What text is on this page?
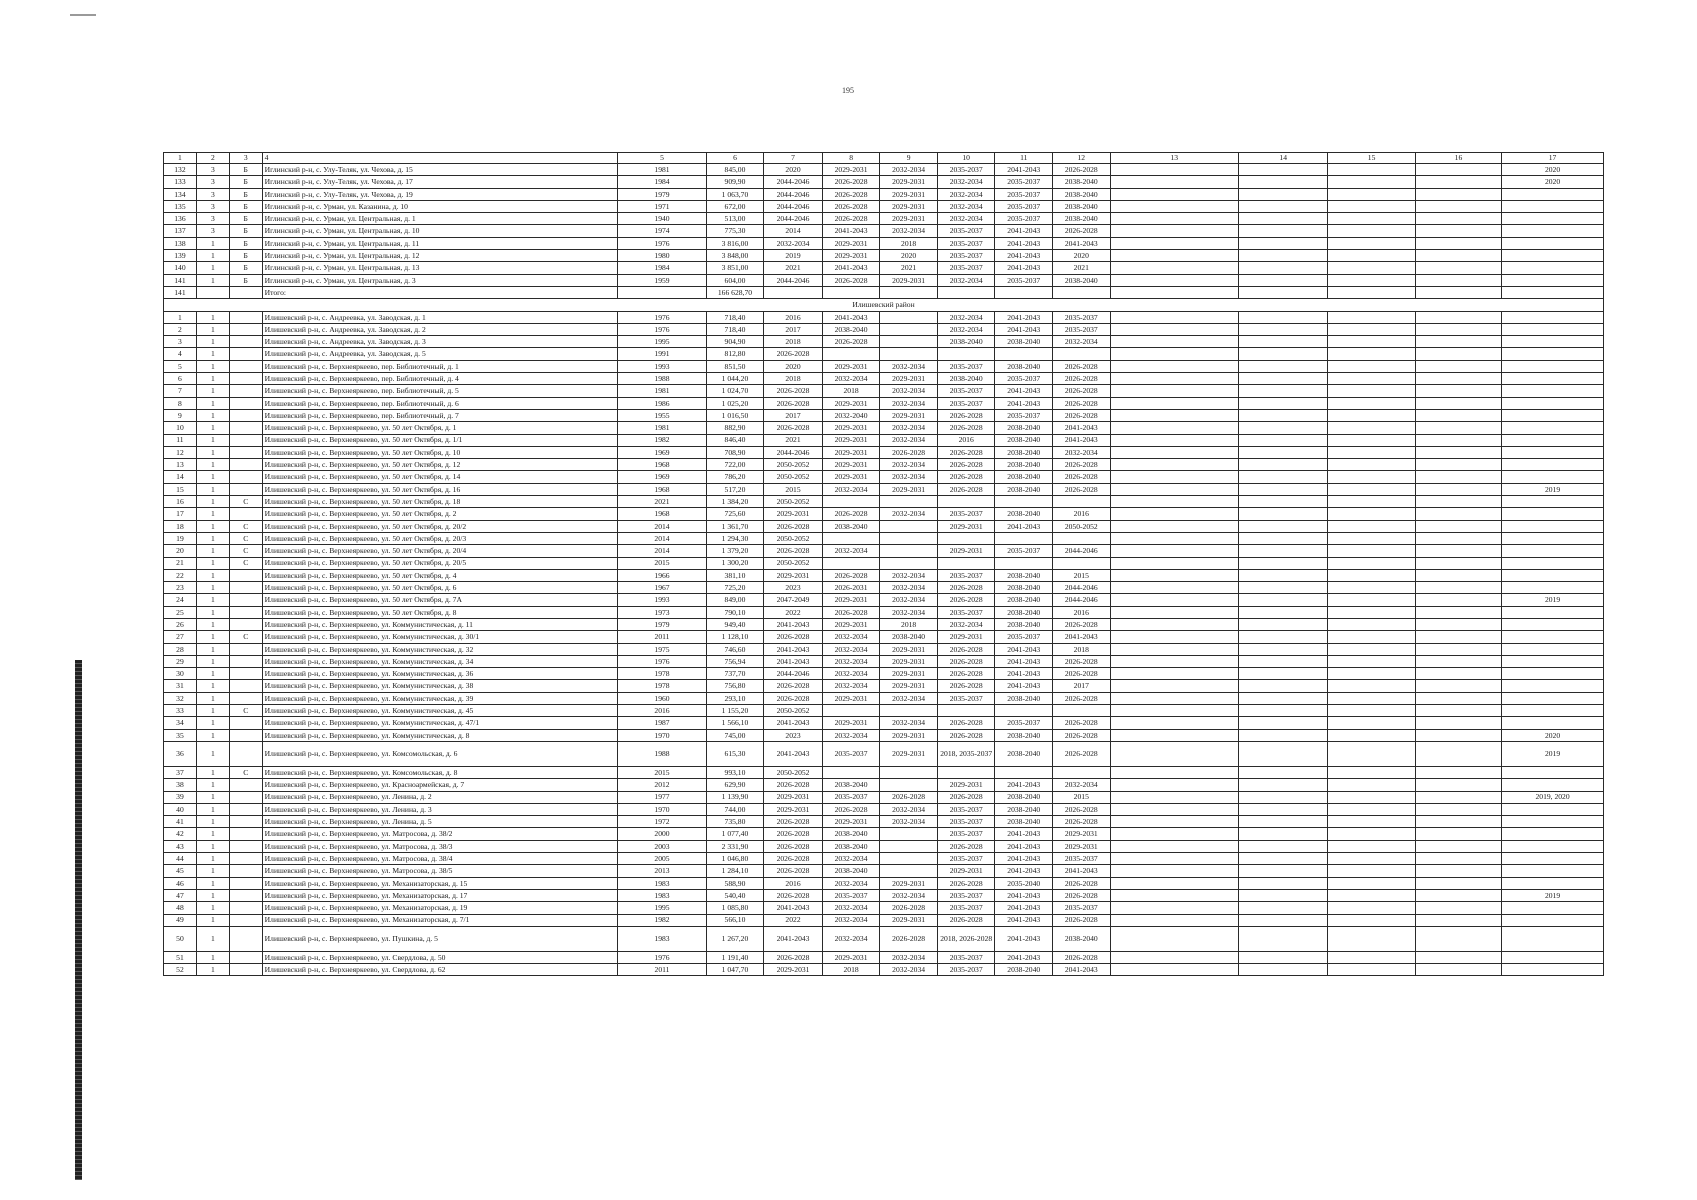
195
1	2	3	4	5	6	7	8	9	10	11	12	13	14	15	16	17
132	3	Б	Иглинский р-н, с. Улу-Теляк, ул. Чехова, д. 15	1981	845,00	2020	2029-2031	2032-2034	2035-2037	2041-2043	2026-2028					2020
133	3	Б	Иглинский р-н, с. Улу-Теляк, ул. Чехова, д. 17	1984	909,90	2044-2046	2026-2028	2029-2031	2032-2034	2035-2037	2038-2040					2020
134	3	Б	Иглинский р-н, с. Улу-Теляк, ул. Чехова, д. 19	1979	1 063,70	2044-2046	2026-2028	2029-2031	2032-2034	2035-2037	2038-2040					
135	3	Б	Иглинский р-н, с. Урман, ул. Казанина, д. 10	1971	672,00	2044-2046	2026-2028	2029-2031	2032-2034	2035-2037	2038-2040					
136	3	Б	Иглинский р-н, с. Урман, ул. Центральная, д. 1	1940	513,00	2044-2046	2026-2028	2029-2031	2032-2034	2035-2037	2038-2040					
137	3	Б	Иглинский р-н, с. Урман, ул. Центральная, д. 10	1974	775,30	2014	2041-2043	2032-2034	2035-2037	2041-2043	2026-2028					
138	1	Б	Иглинский р-н, с. Урман, ул. Центральная, д. 11	1976	3 816,00	2032-2034	2029-2031	2018	2035-2037	2041-2043	2041-2043					
139	1	Б	Иглинский р-н, с. Урман, ул. Центральная, д. 12	1980	3 848,00	2019	2029-2031	2020	2035-2037	2041-2043	2020					
140	1	Б	Иглинский р-н, с. Урман, ул. Центральная, д. 13	1984	3 851,00	2021	2041-2043	2021	2035-2037	2041-2043	2021					
141	1	Б	Иглинский р-н, с. Урман, ул. Центральная, д. 3	1959	604,00	2044-2046	2026-2028	2029-2031	2032-2034	2035-2037	2038-2040					
141			Итого:		166 628,70											
Илишевский район																
1	1		Илишевский р-н, с. Андреевка, ул. Заводская, д. 1	1976	718,40	2016	2041-2043		2032-2034	2041-2043	2035-2037					
2	1		Илишевский р-н, с. Андреевка, ул. Заводская, д. 2	1976	718,40	2017	2038-2040		2032-2034	2041-2043	2035-2037					
3	1		Илишевский р-н, с. Андреевка, ул. Заводская, д. 3	1995	904,90	2018	2026-2028		2038-2040	2038-2040	2032-2034					
4	1		Илишевский р-н, с. Андреевка, ул. Заводская, д. 5	1991	812,80	2026-2028										
5	1		Илишевский р-н, с. Верхнеяркеево, пер. Библиотечный, д. 1	1993	851,50	2020	2029-2031	2032-2034	2035-2037	2038-2040	2026-2028					
6	1		Илишевский р-н, с. Верхнеяркеево, пер. Библиотечный, д. 4	1988	1 044,20	2018	2032-2034	2029-2031	2038-2040	2035-2037	2026-2028					
7	1		Илишевский р-н, с. Верхнеяркеево, пер. Библиотечный, д. 5	1981	1 024,70	2026-2028	2018	2032-2034	2035-2037	2041-2043	2026-2028					
8	1		Илишевский р-н, с. Верхнеяркеево, пер. Библиотечный, д. 6	1986	1 025,20	2026-2028	2029-2031	2032-2034	2035-2037	2041-2043	2026-2028					
9	1		Илишевский р-н, с. Верхнеяркеево, пер. Библиотечный, д. 7	1955	1 016,50	2017	2032-2040	2029-2031	2026-2028	2035-2037	2026-2028					
10	1		Илишевский р-н, с. Верхнеяркеево, ул. 50 лет Октября, д. 1	1981	882,90	2026-2028	2029-2031	2032-2034	2026-2028	2038-2040	2041-2043					
11	1		Илишевский р-н, с. Верхнеяркеево, ул. 50 лет Октября, д. 1/1	1982	846,40	2021	2029-2031	2032-2034	2016	2038-2040	2041-2043					
12	1		Илишевский р-н, с. Верхнеяркеево, ул. 50 лет Октября, д. 10	1969	708,90	2044-2046	2029-2031	2026-2028	2026-2028	2038-2040	2032-2034					
13	1		Илишевский р-н, с. Верхнеяркеево, ул. 50 лет Октября, д. 12	1968	722,00	2050-2052	2029-2031	2032-2034	2026-2028	2038-2040	2026-2028					
14	1		Илишевский р-н, с. Верхнеяркеево, ул. 50 лет Октября, д. 14	1969	786,20	2050-2052	2029-2031	2032-2034	2026-2028	2038-2040	2026-2028					
15	1		Илишевский р-н, с. Верхнеяркеево, ул. 50 лет Октября, д. 16	1968	517,20	2015	2032-2034	2029-2031	2026-2028	2038-2040	2026-2028					2019
16	1	С	Илишевский р-н, с. Верхнеяркеево, ул. 50 лет Октября, д. 18	2021	1 384,20	2050-2052										
17	1		Илишевский р-н, с. Верхнеяркеево, ул. 50 лет Октября, д. 2	1968	725,60	2029-2031	2026-2028	2032-2034	2035-2037	2038-2040	2016					
18	1	С	Илишевский р-н, с. Верхнеяркеево, ул. 50 лет Октября, д. 20/2	2014	1 361,70	2026-2028	2038-2040		2029-2031	2041-2043	2050-2052					
19	1	С	Илишевский р-н, с. Верхнеяркеево, ул. 50 лет Октября, д. 20/3	2014	1 294,30	2050-2052										
20	1	С	Илишевский р-н, с. Верхнеяркеево, ул. 50 лет Октября, д. 20/4	2014	1 379,20	2026-2028	2032-2034		2029-2031	2035-2037	2044-2046					
21	1	С	Илишевский р-н, с. Верхнеяркеево, ул. 50 лет Октября, д. 20/5	2015	1 300,20	2050-2052										
22	1		Илишевский р-н, с. Верхнеяркеево, ул. 50 лет Октября, д. 4	1966	381,10	2029-2031	2026-2028	2032-2034	2035-2037	2038-2040	2015					
23	1		Илишевский р-н, с. Верхнеяркеево, ул. 50 лет Октября, д. 6	1967	725,20	2023	2026-2031	2032-2034	2026-2028	2038-2040	2044-2046					
24	1		Илишевский р-н, с. Верхнеяркеево, ул. 50 лет Октября, д. 7А	1993	849,00	2047-2049	2029-2031	2032-2034	2026-2028	2038-2040	2044-2046					2019
25	1		Илишевский р-н, с. Верхнеяркеево, ул. 50 лет Октября, д. 8	1973	790,10	2022	2026-2028	2032-2034	2035-2037	2038-2040	2016					
26	1		Илишевский р-н, с. Верхнеяркеево, ул. Коммунистическая, д. 11	1979	949,40	2041-2043	2029-2031	2018	2032-2034	2038-2040	2026-2028					
27	1	С	Илишевский р-н, с. Верхнеяркеево, ул. Коммунистическая, д. 30/1	2011	1 128,10	2026-2028	2032-2034	2038-2040	2029-2031	2035-2037	2041-2043					
28	1		Илишевский р-н, с. Верхнеяркеево, ул. Коммунистическая, д. 32	1975	746,60	2041-2043	2032-2034	2029-2031	2026-2028	2041-2043	2018					
29	1		Илишевский р-н, с. Верхнеяркеево, ул. Коммунистическая, д. 34	1976	756,94	2041-2043	2032-2034	2029-2031	2026-2028	2041-2043	2026-2028					
30	1		Илишевский р-н, с. Верхнеяркеево, ул. Коммунистическая, д. 36	1978	737,70	2044-2046	2032-2034	2029-2031	2026-2028	2041-2043	2026-2028					
31	1		Илишевский р-н, с. Верхнеяркеево, ул. Коммунистическая, д. 38	1978	756,80	2026-2028	2032-2034	2029-2031	2026-2028	2041-2043	2017					
32	1		Илишевский р-н, с. Верхнеяркеево, ул. Коммунистическая, д. 39	1960	293,10	2026-2028	2029-2031	2032-2034	2035-2037	2038-2040	2026-2028					
33	1	С	Илишевский р-н, с. Верхнеяркеево, ул. Коммунистическая, д. 45	2016	1 155,20	2050-2052										
34	1		Илишевский р-н, с. Верхнеяркеево, ул. Коммунистическая, д. 47/1	1987	1 566,10	2041-2043	2029-2031	2032-2034	2026-2028	2035-2037	2026-2028					
35	1		Илишевский р-н, с. Верхнеяркеево, ул. Коммунистическая, д. 8	1970	745,00	2023	2032-2034	2029-2031	2026-2028	2038-2040	2026-2028					2020
36	1		Илишевский р-н, с. Верхнеяркеево, ул. Комсомольская, д. 6	1988	615,30	2041-2043	2035-2037	2029-2031	2018, 2035-2037	2038-2040	2026-2028					2019
37	1	С	Илишевский р-н, с. Верхнеяркеево, ул. Комсомольская, д. 8	2015	993,10	2050-2052										
38	1		Илишевский р-н, с. Верхнеяркеево, ул. Красноармейская, д. 7	2012	629,90	2026-2028	2038-2040		2029-2031	2041-2043	2032-2034					
39	1		Илишевский р-н, с. Верхнеяркеево, ул. Ленина, д. 2	1977	1 139,90	2029-2031	2035-2037	2026-2028	2026-2028	2038-2040	2015					2019, 2020
40	1		Илишевский р-н, с. Верхнеяркеево, ул. Ленина, д. 3	1970	744,00	2029-2031	2026-2028	2032-2034	2035-2037	2038-2040	2026-2028					
41	1		Илишевский р-н, с. Верхнеяркеево, ул. Ленина, д. 5	1972	735,80	2026-2028	2029-2031	2032-2034	2035-2037	2038-2040	2026-2028					
42	1		Илишевский р-н, с. Верхнеяркеево, ул. Матросова, д. 38/2	2000	1 077,40	2026-2028	2038-2040		2035-2037	2041-2043	2029-2031					
43	1		Илишевский р-н, с. Верхнеяркеево, ул. Матросова, д. 38/3	2003	2 331,90	2026-2028	2038-2040		2026-2028	2041-2043	2029-2031					
44	1		Илишевский р-н, с. Верхнеяркеево, ул. Матросова, д. 38/4	2005	1 046,80	2026-2028	2032-2034		2035-2037	2041-2043	2035-2037					
45	1		Илишевский р-н, с. Верхнеяркеево, ул. Матросова, д. 38/5	2013	1 284,10	2026-2028	2038-2040		2029-2031	2041-2043	2041-2043					
46	1		Илишевский р-н, с. Верхнеяркеево, ул. Механизаторская, д. 15	1983	588,90	2016	2032-2034	2029-2031	2026-2028	2035-2040	2026-2028					
47	1		Илишевский р-н, с. Верхнеяркеево, ул. Механизаторская, д. 17	1983	540,40	2026-2028	2035-2037	2032-2034	2035-2037	2041-2043	2026-2028					2019
48	1		Илишевский р-н, с. Верхнеяркеево, ул. Механизаторская, д. 19	1995	1 085,80	2041-2043	2032-2034	2026-2028	2035-2037	2041-2043	2035-2037					
49	1		Илишевский р-н, с. Верхнеяркеево, ул. Механизаторская, д. 7/1	1982	566,10	2022	2032-2034	2029-2031	2026-2028	2041-2043	2026-2028					
50	1		Илишевский р-н, с. Верхнеяркеево, ул. Пушкина, д. 5	1983	1 267,20	2041-2043	2032-2034	2026-2028	2018, 2026-2028	2041-2043	2038-2040					
51	1		Илишевский р-н, с. Верхнеяркеево, ул. Свердлова, д. 50	1976	1 191,40	2026-2028	2029-2031	2032-2034	2035-2037	2041-2043	2026-2028					
52	1		Илишевский р-н, с. Верхнеяркеево, ул. Свердлова, д. 62	2011	1 047,70	2029-2031	2018	2032-2034	2035-2037	2038-2040	2041-2043					
